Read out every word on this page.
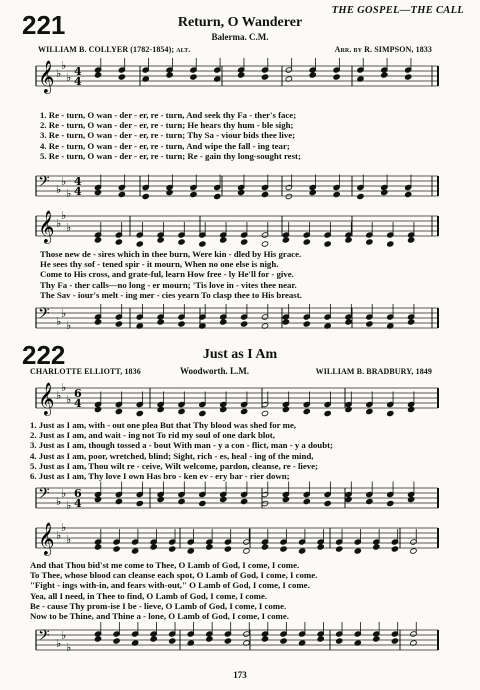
THE GOSPEL—THE CALL
221	Return, O Wanderer
Balerma. C.M.
WILLIAM B. COLLYER (1782-1854); alt.	Arr. by R. SIMPSON, 1833
𝄞 ♭
♭
♭ 4
4
1. Re - turn, O wan - der - er, re - turn, And seek thy Fa - ther's face;
2. Re - turn, O wan - der - er, re - turn; He hears thy hum - ble sigh;
3. Re - turn, O wan - der - er, re - turn; Thy Sa - viour bids thee live;
4. Re - turn, O wan - der - er, re - turn, And wipe the fall - ing tear;
5. Re - turn, O wan - der - er, re - turn; Re - gain thy long-sought rest;
𝄢 ♭
♭
♭
4
4
𝄞 ♭
♭
♭
Those new de - sires which in thee burn, Were kin - dled by His grace.
He sees thy sof - tened spir - it mourn, When no one else is nigh.
Come to His cross, and grate-ful, learn How free - ly He'll for - give.
Thy Fa - ther calls—no long - er mourn; 'Tis love in - vites thee near.
The Sav - iour's melt - ing mer - cies yearn To clasp thee to His breast.
𝄢 ♭
♭
♭
222	Just as I Am
CHARLOTTE ELLIOTT, 1836	Woodworth. L.M.	WILLIAM B. BRADBURY, 1849
𝄞 ♭
♭
♭ 6
4
1. Just as I am, with - out one plea But that Thy blood was shed for me,
2. Just as I am, and wait - ing not To rid my soul of one dark blot,
3. Just as I am, though tossed a - bout With man - y a con - flict, man - y a doubt;
4. Just as I am, poor, wretched, blind; Sight, rich - es, heal - ing of the mind,
5. Just as I am, Thou wilt re - ceive, Wilt welcome, pardon, cleanse, re - lieve;
6. Just as I am, Thy love I own Has bro - ken ev - ery bar - rier down;
𝄢 ♭
♭
♭
6
4
𝄞 ♭
♭
♭
And that Thou bid'st me come to Thee, O Lamb of God, I come, I come.
To Thee, whose blood can cleanse each spot, O Lamb of God, I come, I come.
"Fight - ings with-in, and fears with-out," O Lamb of God, I come, I come.
Yea, all I need, in Thee to find, O Lamb of God, I come, I come.
Be - cause Thy prom-ise I be - lieve, O Lamb of God, I come, I come.
Now to be Thine, and Thine a - lone, O Lamb of God, I come, I come.
𝄢 ♭
♭
♭
173
